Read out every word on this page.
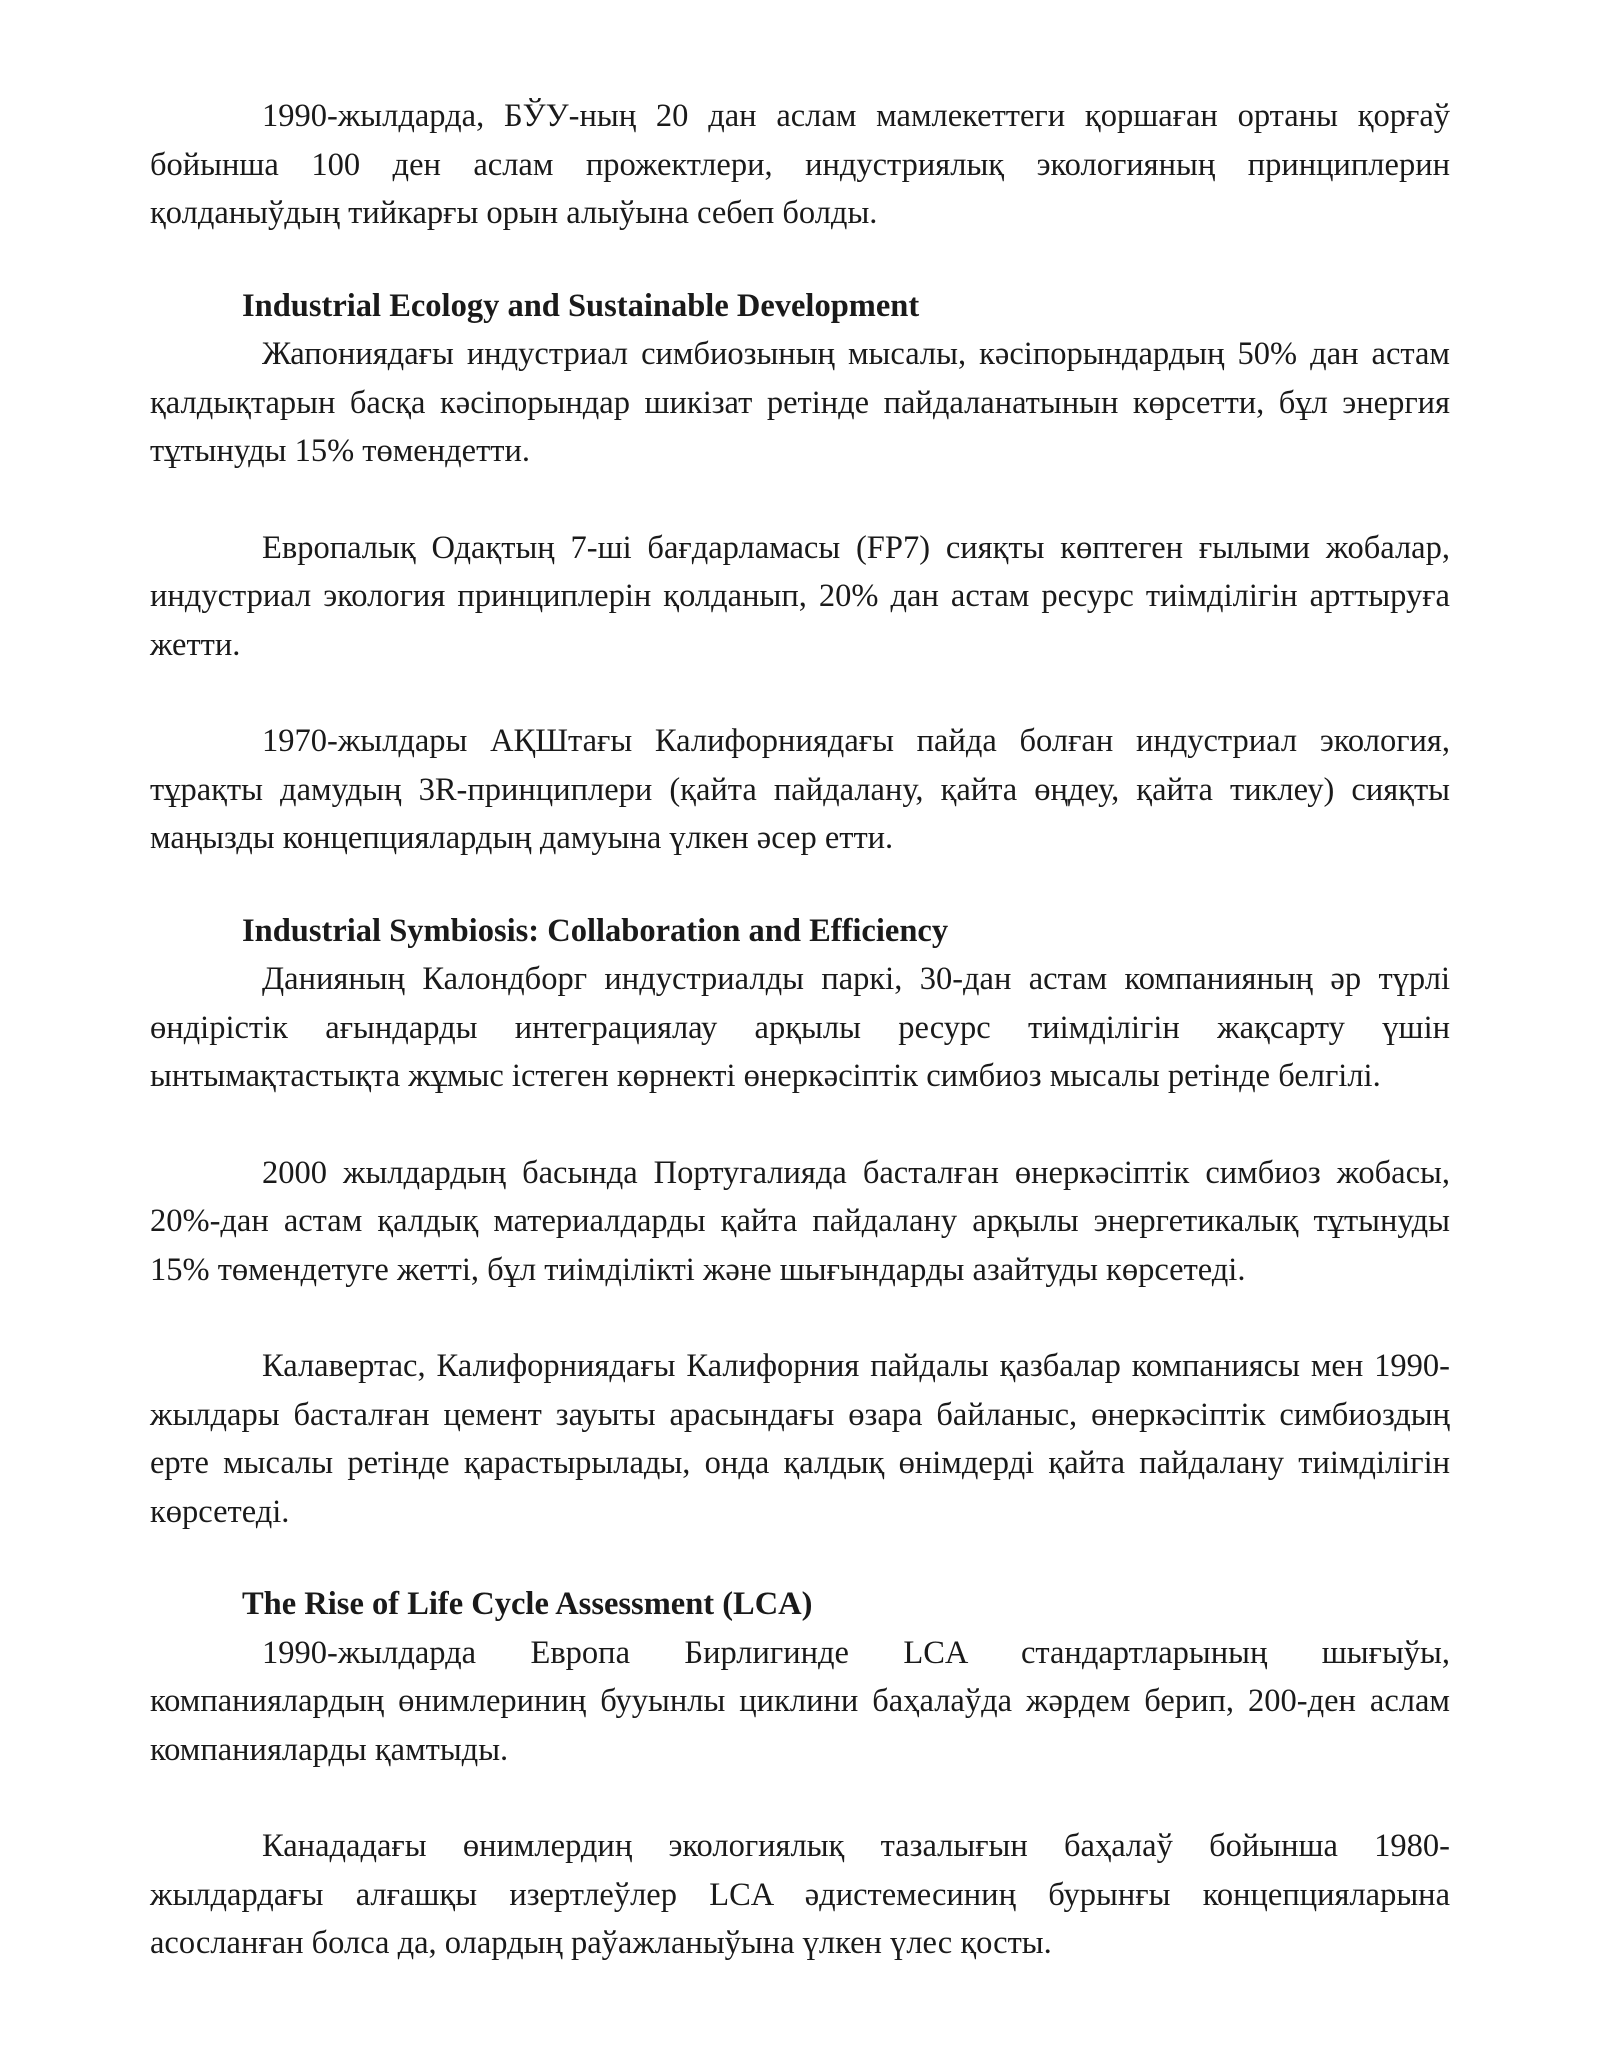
1990-жылдарда, БЎУ-ның 20 дан аслам мамлекеттеги қоршаған ортаны қорғаў бойынша 100 ден аслам прожектлери, индустриялық экологияның принциплерин қолданыўдың тийкарғы орын алыўына себеп болды.

Industrial Ecology and Sustainable Development

Жапониядағы индустриал симбиозының мысалы, кәсіпорындардың 50% дан астам қалдықтарын басқа кәсіпорындар шикізат ретінде пайдаланатынын көрсетти, бұл энергия тұтынуды 15% төмендетти.

Европалық Одақтың 7-ші бағдарламасы (FP7) сияқты көптеген ғылыми жобалар, индустриал экология принциплерін қолданып, 20% дан астам ресурс тиімділігін арттыруға жетти.

1970-жылдары АҚШтағы Калифорниядағы пайда болған индустриал экология, тұрақты дамудың 3R-принциплери (қайта пайдалану, қайта өңдеу, қайта тиклеу) сияқты маңызды концепциялардың дамуына үлкен әсер етти.

Industrial Symbiosis: Collaboration and Efficiency

Данияның Калондборг индустриалды паркі, 30-дан астам компанияның әр түрлі өндірістік ағындарды интеграциялау арқылы ресурс тиімділігін жақсарту үшін ынтымақтастықта жұмыс істеген көрнекті өнеркәсіптік симбиоз мысалы ретінде белгілі.

2000 жылдардың басында Португалияда басталған өнеркәсіптік симбиоз жобасы, 20%-дан астам қалдық материалдарды қайта пайдалану арқылы энергетикалық тұтынуды 15% төмендетуге жетті, бұл тиімділікті және шығындарды азайтуды көрсетеді.

Калавертас, Калифорниядағы Калифорния пайдалы қазбалар компаниясы мен 1990-жылдары басталған цемент зауыты арасындағы өзара байланыс, өнеркәсіптік симбиоздың ерте мысалы ретінде қарастырылады, онда қалдық өнімдерді қайта пайдалану тиімділігін көрсетеді.

The Rise of Life Cycle Assessment (LCA)

1990-жылдарда Европа Бирлигинде LCA стандартларының шығыўы, компаниялардың өнимлериниң бууынлы циклини баҳалаўда жәрдем берип, 200-ден аслам компанияларды қамтыды.

Канададағы өнимлердиң экологиялық тазалығын баҳалаў бойынша 1980-жылдардағы алғашқы изертлеўлер LCA әдистемесиниң бурынғы концепцияларына асосланған болса да, олардың раўажланыўына үлкен үлес қосты.
